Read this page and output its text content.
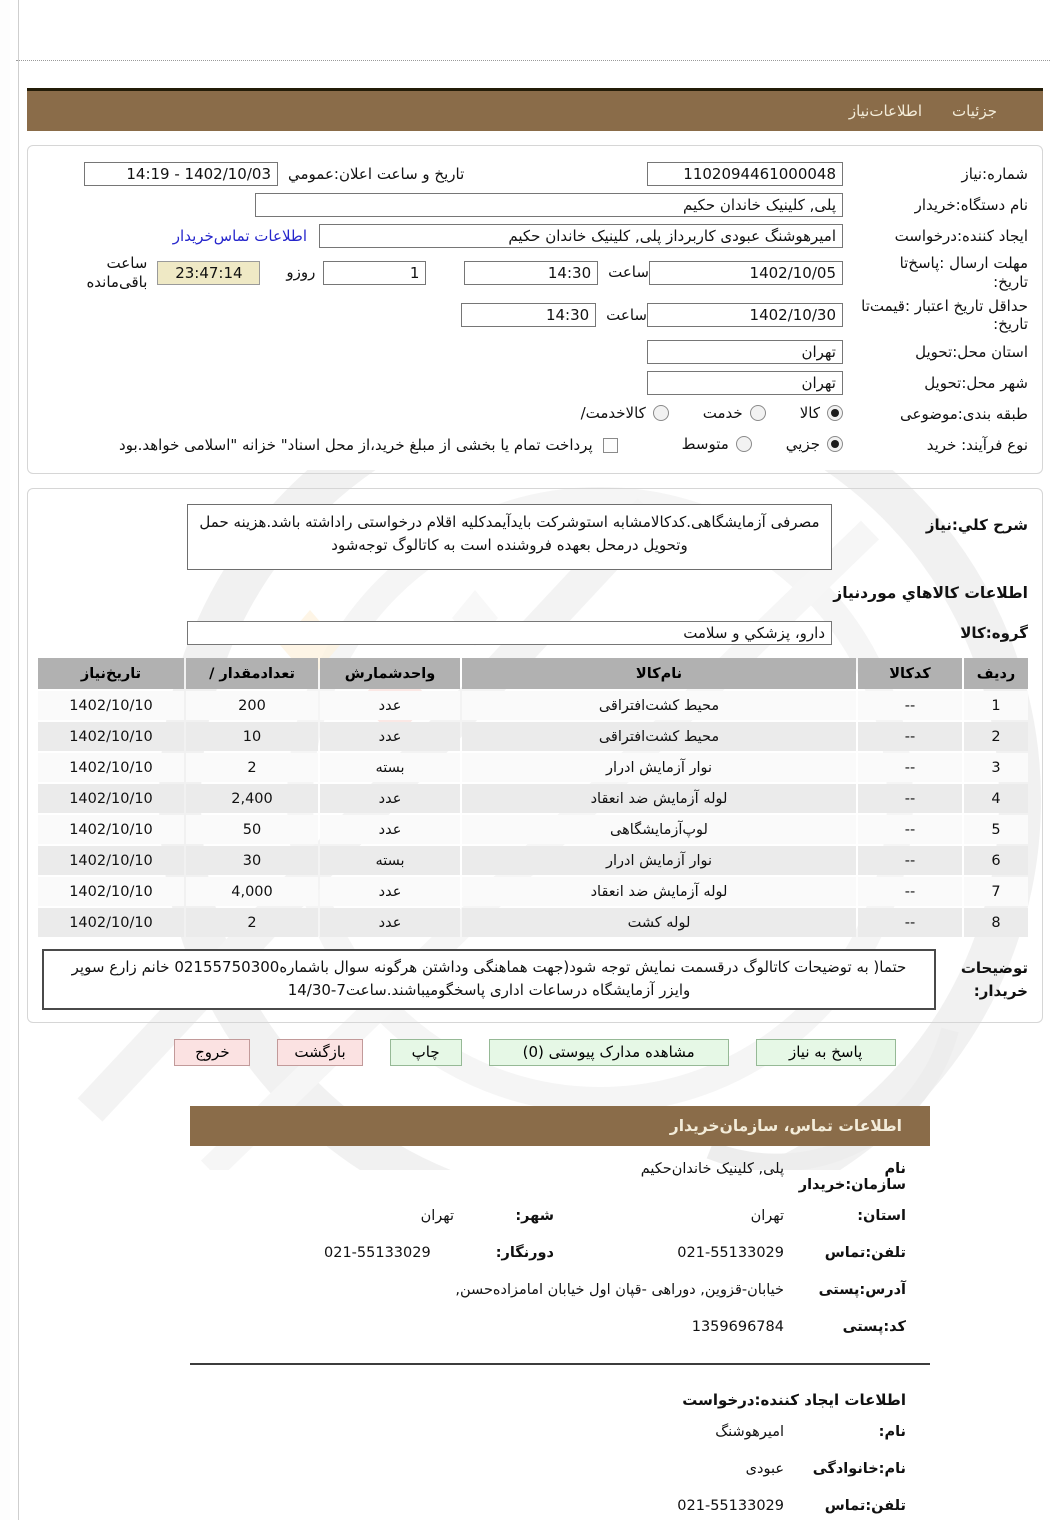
جزئیات
اطلاعات‌نیاز
شماره:نیاز
1102094461000048
تاریخ و ساعت اعلان:عمومي
14:19 - 1402/10/03
نام دستگاه:خریدار
پلی, کلینیک خاندان حکیم
ایجاد کننده:درخواست
امیرهوشنگ عبودی کاربرداز پلی, کلینیک خاندان حکیم
اطلاعات تماس‌خریدار
مهلت ارسال :پاسخ‌تا
تاریخ:
1402/10/05
ساعت
14:30
1
روزو
23:47:14
ساعت باقی‌مانده
حداقل تاریخ اعتبار :قیمت‌تا
تاریخ:
1402/10/30
ساعت
14:30
استان محل:تحویل
تهران
شهر محل:تحویل
تهران
طبقه بندی:موضوعی
کالا
خدمت
کالاخدمت/
نوع فرآیند: خرید
جزیي
متوسط
پرداخت تمام یا بخشی از مبلغ خرید،از محل اسناد" خزانه "اسلامی خواهد.بود
شرح کلي:نیاز
مصرفی آزمایشگاهی.کدکالامشابه استوشرکت بایدآیمدکلیه اقلام درخواستی راداشته باشد.هزینه حمل وتحویل درمحل بعهده فروشنده است به کاتالوگ توجه‌شود
اطلاعات کالاهاي موردنیاز
گروه:کالا
دارو، پزشکي و سلامت
ردیف	کدکالا	نام‌کالا	واحدشمارش	تعدادمقدار /	تاریخ‌نیاز
1	--	محیط کشت‌افتراقی	عدد	200	1402/10/10
2	--	محیط کشت‌افتراقی	عدد	10	1402/10/10
3	--	نوار آزمایش ادرار	بسته	2	1402/10/10
4	--	لوله آزمایش ضد انعقاد	عدد	2,400	1402/10/10
5	--	لوپ‌آزمایشگاهی	عدد	50	1402/10/10
6	--	نوار آزمایش ادرار	بسته	30	1402/10/10
7	--	لوله آزمایش ضد انعقاد	عدد	4,000	1402/10/10
8	--	لوله کشت	عدد	2	1402/10/10
توضیحات
خریدار:
حتما( به توضیحات کاتالوگ درقسمت نمایش توجه شود(جهت هماهنگی وداشتن هرگونه سوال باشماره02155750300 خانم زارع سوپر وایزر آزمایشگاه درساعات اداری پاسخگومیباشند.ساعت7-14/30
پاسخ به نیاز
مشاهده مدارک پیوستی (0)
چاپ
بازگشت
خروج
اطلاعات تماس، سازمان‌خریدار
نام سازمان:خریدار
پلی, کلینیک خاندان‌حکیم
استان:
تهران
شهر:
تهران
تلفن:تماس
021-55133029
دورنگار:
021-55133029
آدرس:پستی
خیابان-قزوین, دوراهی -قپان اول خیابان امامزاده‌حسن,
کد:پستی
1359696784
اطلاعات ایجاد کننده:درخواست
نام:
امیرهوشنگ
نام:خانوادگی
عبودی
تلفن:تماس
021-55133029
